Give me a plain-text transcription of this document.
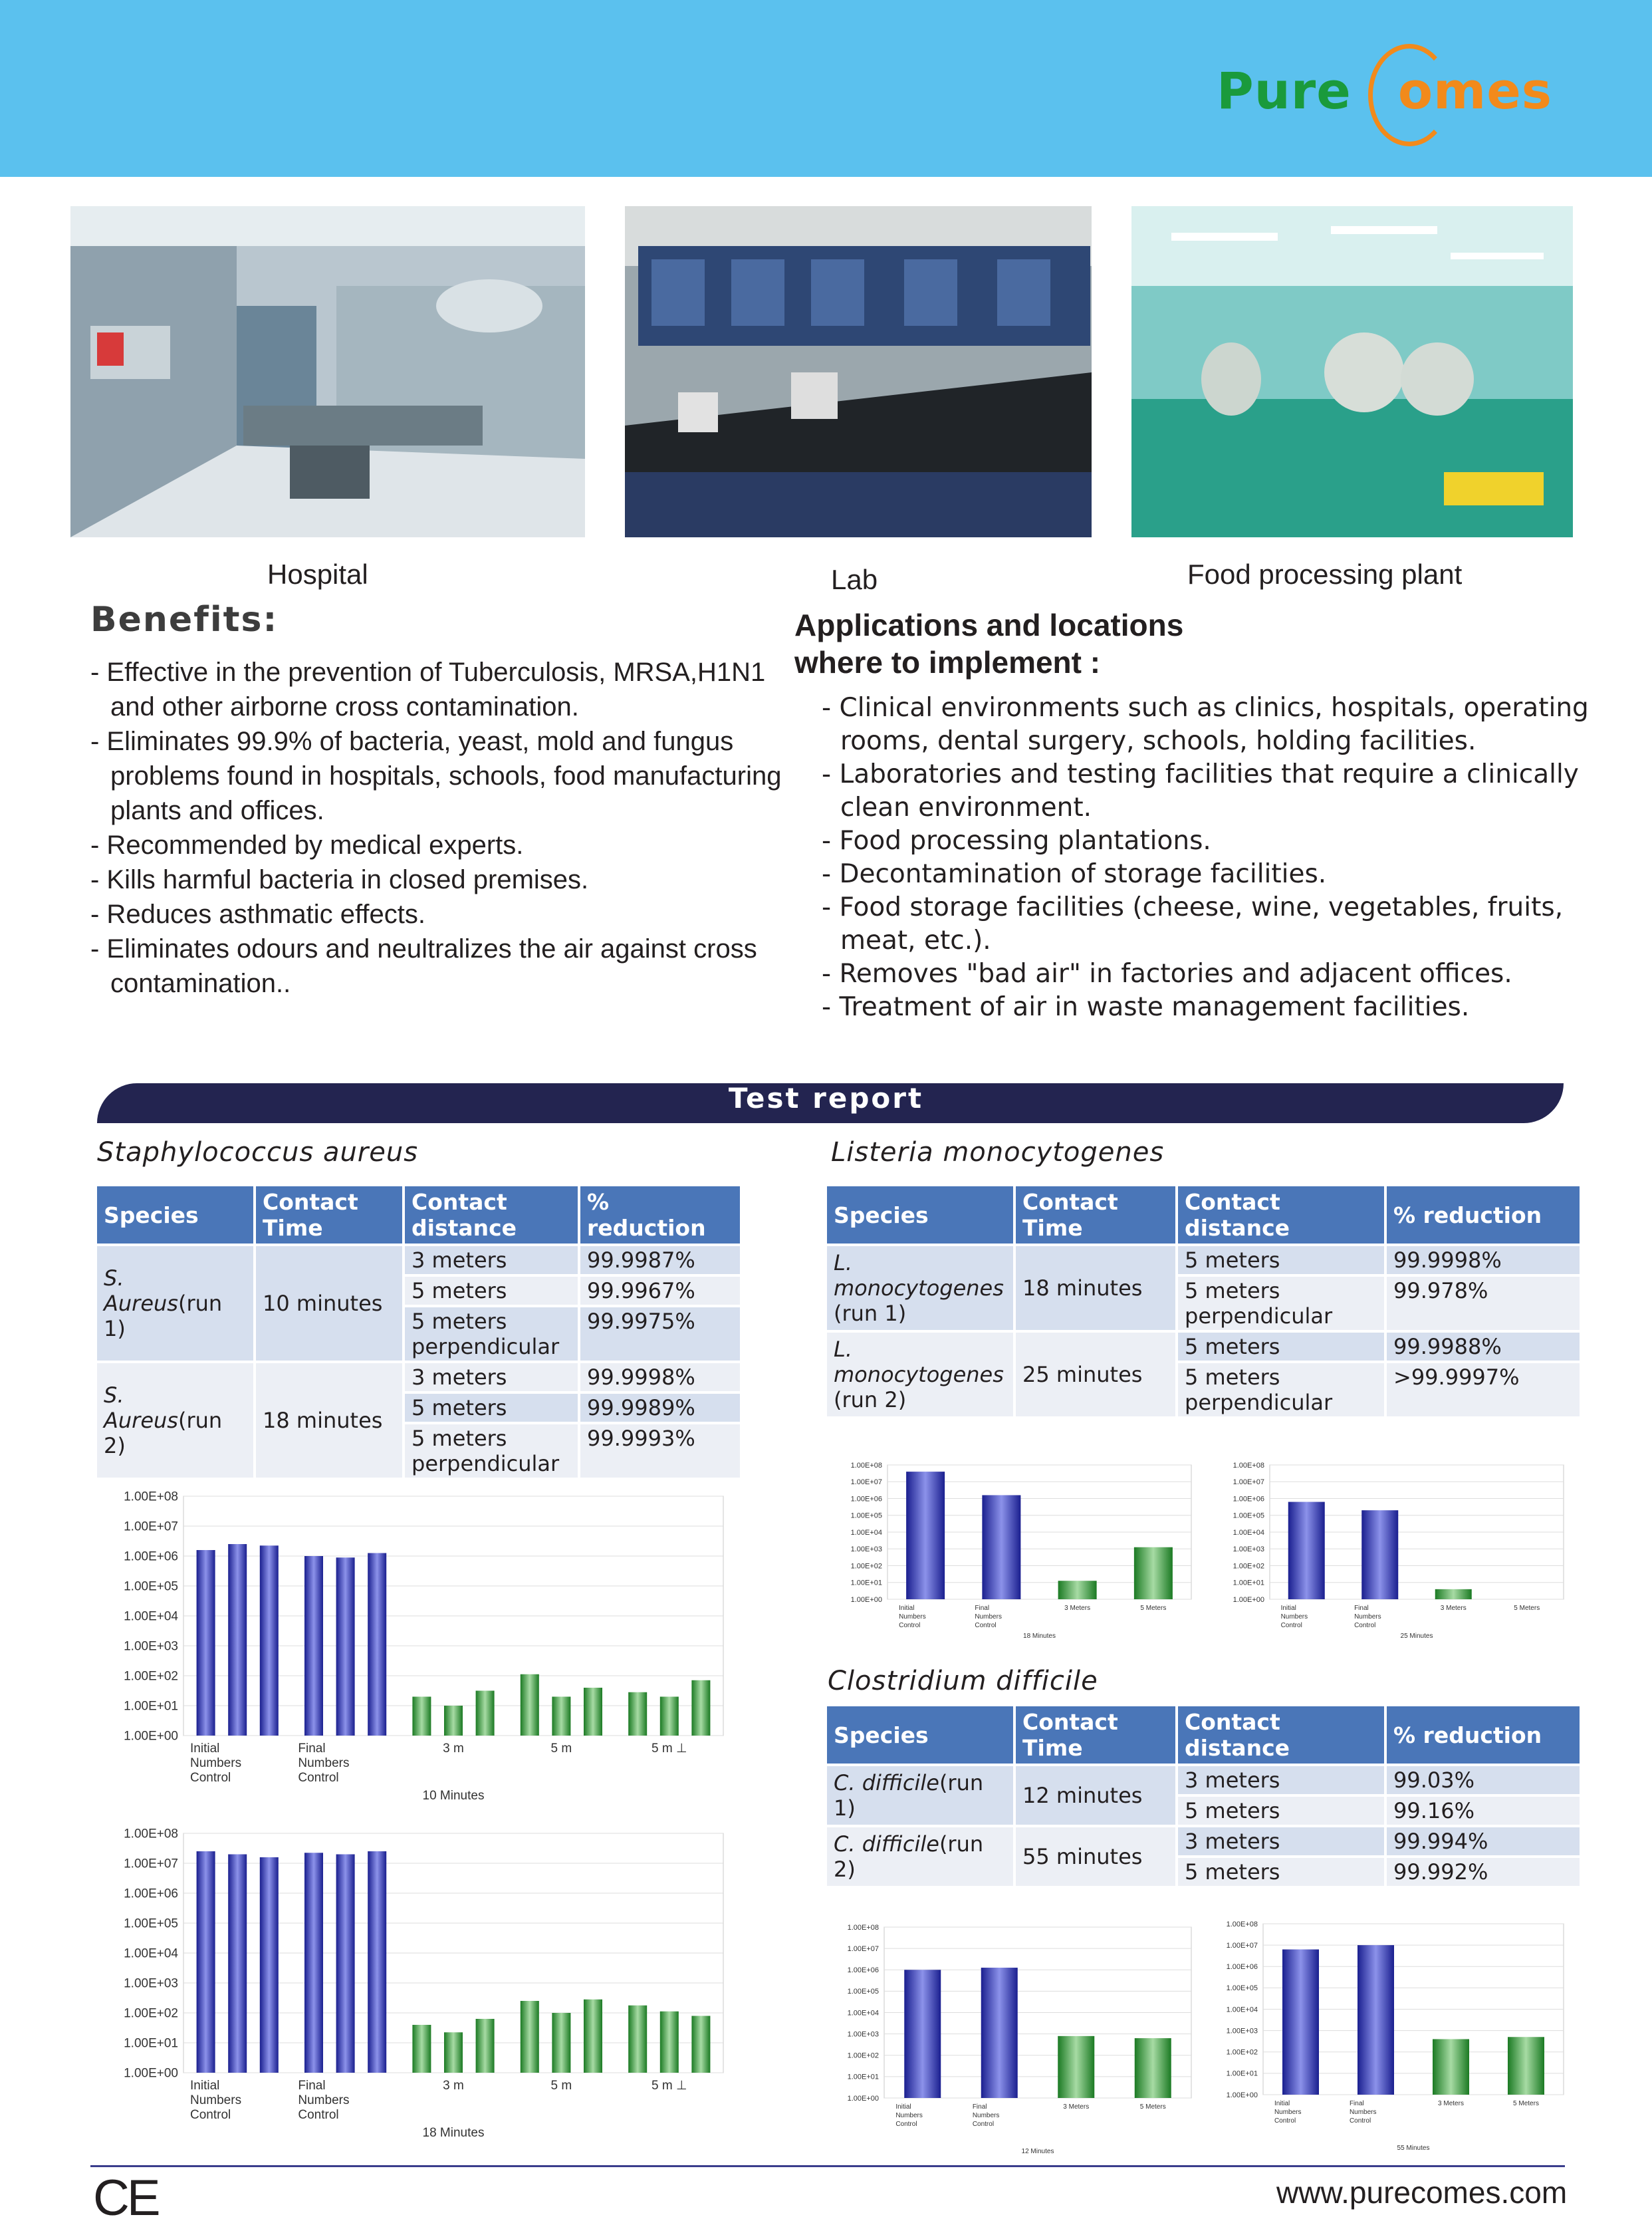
Pure omes
Hospital	Lab	Food processing plant
Benefits:
- Effective in the prevention of Tuberculosis, MRSA,H1N1 and other airborne cross contamination.
- Eliminates 99.9% of bacteria, yeast, mold and fungus problems found in hospitals, schools, food manufacturing plants and offices.
- Recommended by medical experts.
- Kills harmful bacteria in closed premises.
- Reduces asthmatic effects.
- Eliminates odours and neultralizes the air against cross contamination..
Applications and locations
where to implement :
- Clinical environments such as clinics, hospitals, operating rooms, dental surgery, schools, holding facilities.
- Laboratories and testing facilities that require a clinically clean environment.
- Food processing plantations.
- Decontamination of storage facilities.
- Food storage facilities (cheese, wine, vegetables, fruits, meat, etc.).
- Removes "bad air" in factories and adjacent offices.
- Treatment of air in waste management facilities.
Test report
Staphylococcus aureus
Species	Contact Time	Contact distance	% reduction
S. Aureus(run 1)	10 minutes	3 meters	99.9987%
		5 meters	99.9967%
		5 meters perpendicular	99.9975%
S. Aureus(run 2)	18 minutes	3 meters	99.9998%
		5 meters	99.9989%
		5 meters perpendicular	99.9993%
Listeria monocytogenes
Species	Contact Time	Contact distance	% reduction
L. monocytogenes
(run 1)	18 minutes	5 meters	99.9998%
		5 meters perpendicular	99.978%
L. monocytogenes
(run 2)	25 minutes	5 meters	99.9988%
		5 meters perpendicular	>99.9997%
Clostridium difficile
Species	Contact Time	Contact distance	% reduction
C. difficile(run 1)	12 minutes	3 meters	99.03%
		5 meters	99.16%
C. difficile(run 2)	55 minutes	3 meters	99.994%
		5 meters	99.992%
1.00E+00
1.00E+01
1.00E+02
1.00E+03
1.00E+04
1.00E+05
1.00E+06
1.00E+07
1.00E+08
Initial
Numbers
Control
Final
Numbers
Control
3 m	5 m	5 m ⊥
10 Minutes
1.00E+00
1.00E+01
1.00E+02
1.00E+03
1.00E+04
1.00E+05
1.00E+06
1.00E+07
1.00E+08
Initial
Numbers
Control
Final
Numbers
Control
3 m	5 m	5 m ⊥
18 Minutes
1.00E+00
1.00E+01
1.00E+02
1.00E+03
1.00E+04
1.00E+05
1.00E+06
1.00E+07
1.00E+08
Initial
Numbers
Control
Final
Numbers
Control
3 Meters	5 Meters
18 Minutes
1.00E+00
1.00E+01
1.00E+02
1.00E+03
1.00E+04
1.00E+05
1.00E+06
1.00E+07
1.00E+08
Initial
Numbers
Control
Final
Numbers
Control
3 Meters	5 Meters
25 Minutes
1.00E+00
1.00E+01
1.00E+02
1.00E+03
1.00E+04
1.00E+05
1.00E+06
1.00E+07
1.00E+08
Initial
Numbers
Control
Final
Numbers
Control
3 Meters	5 Meters
12 Minutes
1.00E+00
1.00E+01
1.00E+02
1.00E+03
1.00E+04
1.00E+05
1.00E+06
1.00E+07
1.00E+08
Initial
Numbers
Control
Final
Numbers
Control
3 Meters	5 Meters
55 Minutes
CE	www.purecomes.com
